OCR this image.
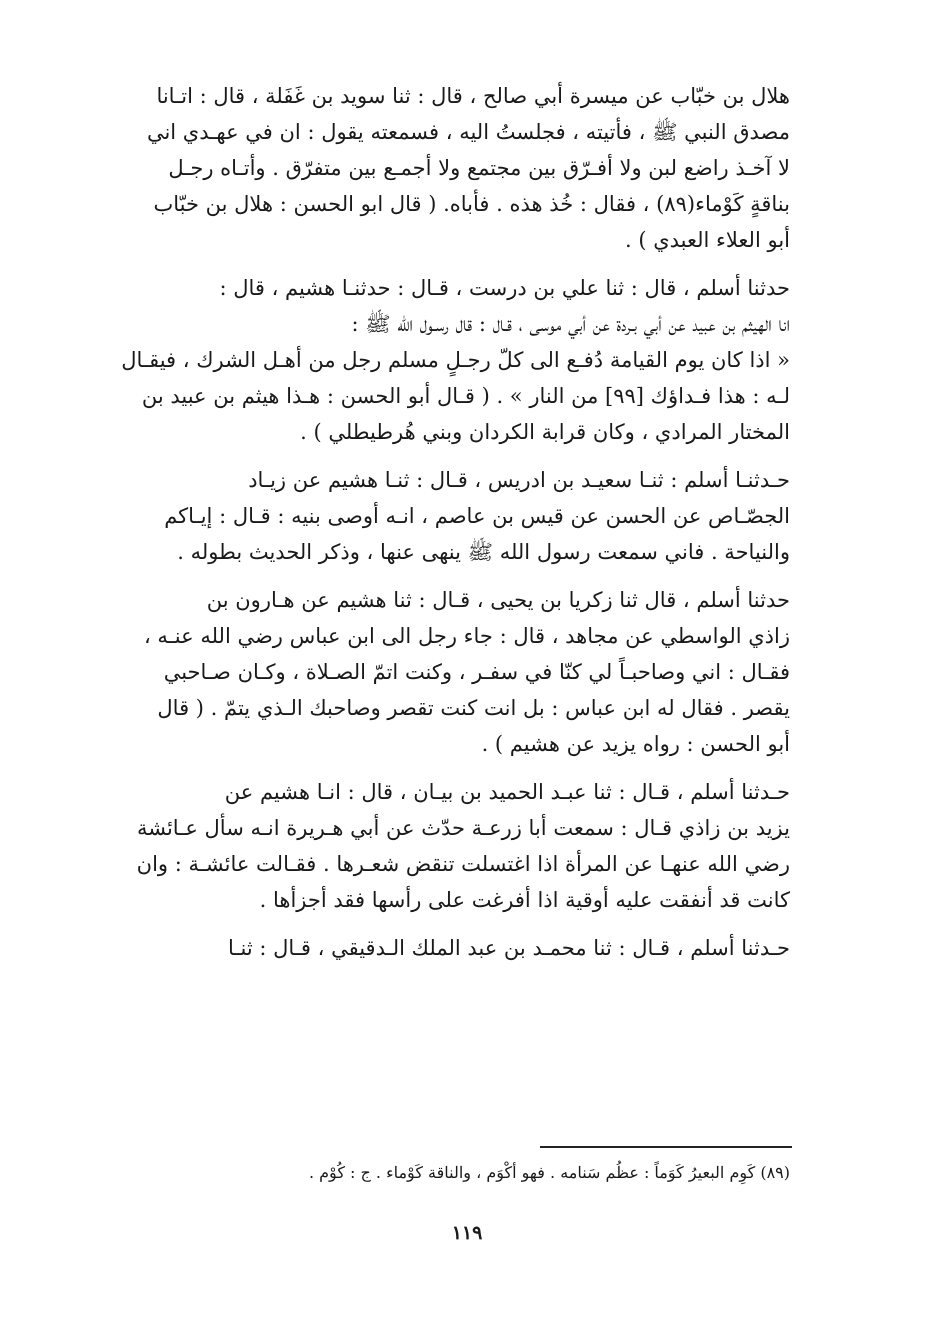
هلال بن خبّاب عن ميسرة أبي صالح ، قال : ثنا سويد بن غَفَلة ، قال : اتـانا

مصدق النبي ﷺ ، فأتيته ، فجلستُ اليه ، فسمعته يقول : ان في عهـدي اني

لا آخـذ راضع لبن ولا أفـرّق بين مجتمع ولا أجمـع بين متفرّق . وأتـاه رجـل

بناقةٍ كَوْماء(٨٩) ، فقال : خُذ هذه . فأباه. ( قال ابو الحسن : هلال بن خبّاب

أبو العلاء العبدي ) .

حدثنا أسلم ، قال : ثنا علي بن درست ، قـال : حدثنـا هشيم ، قال :

انا الهيثم بن عبيد عن أبي بـردة عن أبي موسى ، قـال : قال رسـول الله ﷺ :

« اذا كان يوم القيامة دُفـع الى كلّ رجـلٍ مسلم رجل من أهـل الشرك ، فيقـال

لـه : هذا فـداؤك [٩٩] من النار » . ( قـال أبو الحسن : هـذا هيثم بن عبيد بن

المختار المرادي ، وكان قرابة الكردان وبني هُرطيطلي ) .

حـدثنـا أسلم : ثنـا سعيـد بن ادريس ، قـال : ثنـا هشيم عن زيـاد

الجصّـاص عن الحسن عن قيس بن عاصم ، انـه أوصى بنيه : قـال : إيـاكم

والنياحة . فاني سمعت رسول الله ﷺ ينهى عنها ، وذكر الحديث بطوله .

حدثنا أسلم ، قال ثنا زكريا بن يحيى ، قـال : ثنا هشيم عن هـارون بن

زاذي الواسطي عن مجاهد ، قال : جاء رجل الى ابن عباس رضي الله عنـه ،

فقـال : اني وصاحبـاً لي كنّا في سفـر ، وكنت اتمّ الصـلاة ، وكـان صـاحبي

يقصر . فقال له ابن عباس : بل انت كنت تقصر وصاحبك الـذي يتمّ . ( قال

أبو الحسن : رواه يزيد عن هشيم ) .

حـدثنا أسلم ، قـال : ثنا عبـد الحميد بن بيـان ، قال : انـا هشيم عن

يزيد بن زاذي قـال : سمعت أبا زرعـة حدّث عن أبي هـريرة انـه سأل عـائشة

رضي الله عنهـا عن المرأة اذا اغتسلت تنقض شعـرها . فقـالت عائشـة : وان

كانت قد أنفقت عليه أوقية اذا أفرغت على رأسها فقد أجزأها .

حـدثنا أسلم ، قـال : ثنا محمـد بن عبد الملك الـدقيقي ، قـال : ثنـا

(٨٩) كَوِم البعيرُ كَوَماً : عظُم سَنامه . فهو أكْوَم ، والناقة كَوْماء . ج : كُوْم .
١١٩
